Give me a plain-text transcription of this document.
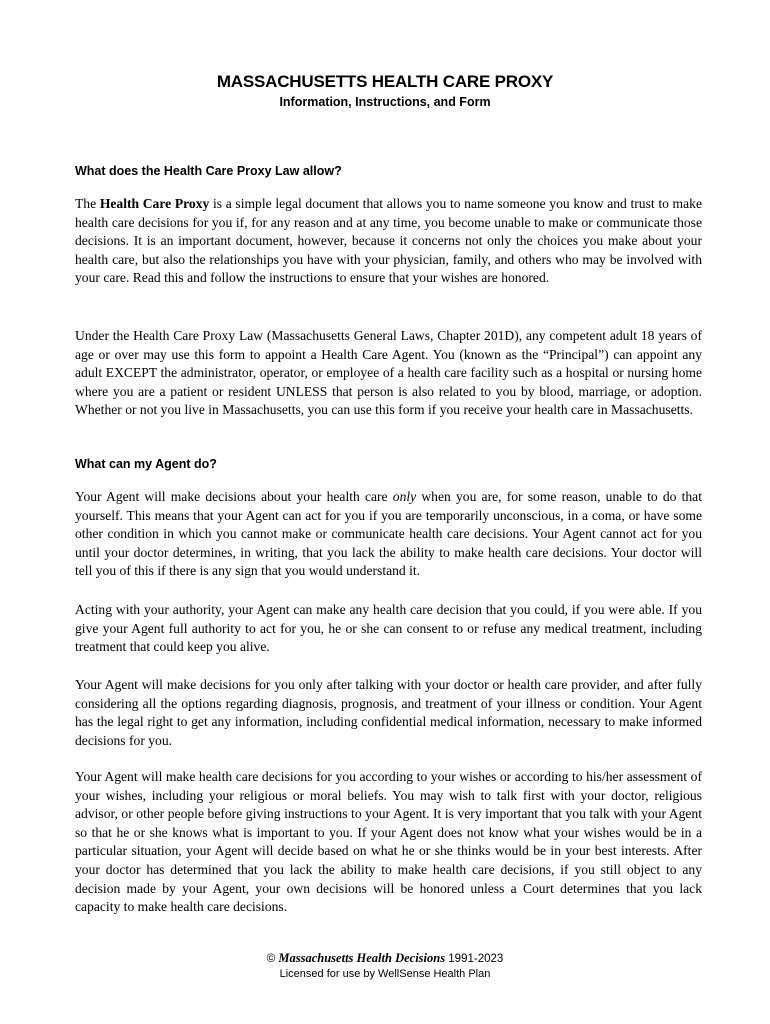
MASSACHUSETTS HEALTH CARE PROXY
Information, Instructions, and Form
What does the Health Care Proxy Law allow?
The Health Care Proxy is a simple legal document that allows you to name someone you know and trust to make health care decisions for you if, for any reason and at any time, you become unable to make or communicate those decisions. It is an important document, however, because it concerns not only the choices you make about your health care, but also the relationships you have with your physician, family, and others who may be involved with your care. Read this and follow the instructions to ensure that your wishes are honored.
Under the Health Care Proxy Law (Massachusetts General Laws, Chapter 201D), any competent adult 18 years of age or over may use this form to appoint a Health Care Agent. You (known as the “Principal”) can appoint any adult EXCEPT the administrator, operator, or employee of a health care facility such as a hospital or nursing home where you are a patient or resident UNLESS that person is also related to you by blood, marriage, or adoption. Whether or not you live in Massachusetts, you can use this form if you receive your health care in Massachusetts.
What can my Agent do?
Your Agent will make decisions about your health care only when you are, for some reason, unable to do that yourself. This means that your Agent can act for you if you are temporarily unconscious, in a coma, or have some other condition in which you cannot make or communicate health care decisions. Your Agent cannot act for you until your doctor determines, in writing, that you lack the ability to make health care decisions. Your doctor will tell you of this if there is any sign that you would understand it.
Acting with your authority, your Agent can make any health care decision that you could, if you were able. If you give your Agent full authority to act for you, he or she can consent to or refuse any medical treatment, including treatment that could keep you alive.
Your Agent will make decisions for you only after talking with your doctor or health care provider, and after fully considering all the options regarding diagnosis, prognosis, and treatment of your illness or condition. Your Agent has the legal right to get any information, including confidential medical information, necessary to make informed decisions for you.
Your Agent will make health care decisions for you according to your wishes or according to his/her assessment of your wishes, including your religious or moral beliefs. You may wish to talk first with your doctor, religious advisor, or other people before giving instructions to your Agent. It is very important that you talk with your Agent so that he or she knows what is important to you. If your Agent does not know what your wishes would be in a particular situation, your Agent will decide based on what he or she thinks would be in your best interests. After your doctor has determined that you lack the ability to make health care decisions, if you still object to any decision made by your Agent, your own decisions will be honored unless a Court determines that you lack capacity to make health care decisions.
© Massachusetts Health Decisions 1991-2023
Licensed for use by WellSense Health Plan
